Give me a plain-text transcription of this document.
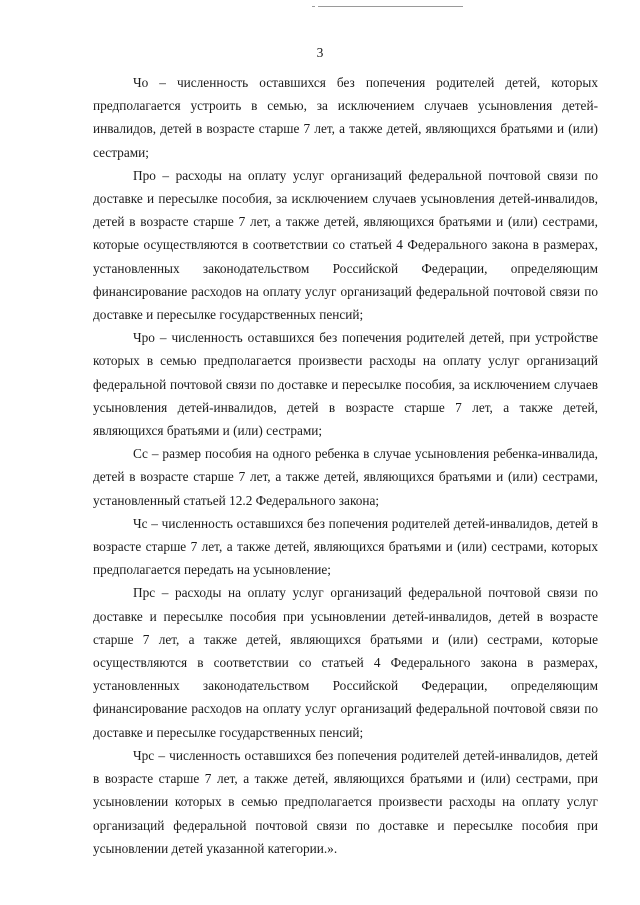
3

Чо – численность оставшихся без попечения родителей детей, которых предполагается устроить в семью, за исключением случаев усыновления детей-инвалидов, детей в возрасте старше 7 лет, а также детей, являющихся братьями и (или) сестрами;

Про – расходы на оплату услуг организаций федеральной почтовой связи по доставке и пересылке пособия, за исключением случаев усыновления детей-инвалидов, детей в возрасте старше 7 лет, а также детей, являющихся братьями и (или) сестрами, которые осуществляются в соответствии со статьей 4 Федерального закона в размерах, установленных законодательством Российской Федерации, определяющим финансирование расходов на оплату услуг организаций федеральной почтовой связи по доставке и пересылке государственных пенсий;

Чро – численность оставшихся без попечения родителей детей, при устройстве которых в семью предполагается произвести расходы на оплату услуг организаций федеральной почтовой связи по доставке и пересылке пособия, за исключением случаев усыновления детей-инвалидов, детей в возрасте старше 7 лет, а также детей, являющихся братьями и (или) сестрами;

Сс – размер пособия на одного ребенка в случае усыновления ребенка-инвалида, детей в возрасте старше 7 лет, а также детей, являющихся братьями и (или) сестрами, установленный статьей 12.2 Федерального закона;

Чс – численность оставшихся без попечения родителей детей-инвалидов, детей в возрасте старше 7 лет, а также детей, являющихся братьями и (или) сестрами, которых предполагается передать на усыновление;

Прс – расходы на оплату услуг организаций федеральной почтовой связи по доставке и пересылке пособия при усыновлении детей-инвалидов, детей в возрасте старше 7 лет, а также детей, являющихся братьями и (или) сестрами, которые осуществляются в соответствии со статьей 4 Федерального закона в размерах, установленных законодательством Российской Федерации, определяющим финансирование расходов на оплату услуг организаций федеральной почтовой связи по доставке и пересылке государственных пенсий;

Чрс – численность оставшихся без попечения родителей детей-инвалидов, детей в возрасте старше 7 лет, а также детей, являющихся братьями и (или) сестрами, при усыновлении которых в семью предполагается произвести расходы на оплату услуг организаций федеральной почтовой связи по доставке и пересылке пособия при усыновлении детей указанной категории.».
